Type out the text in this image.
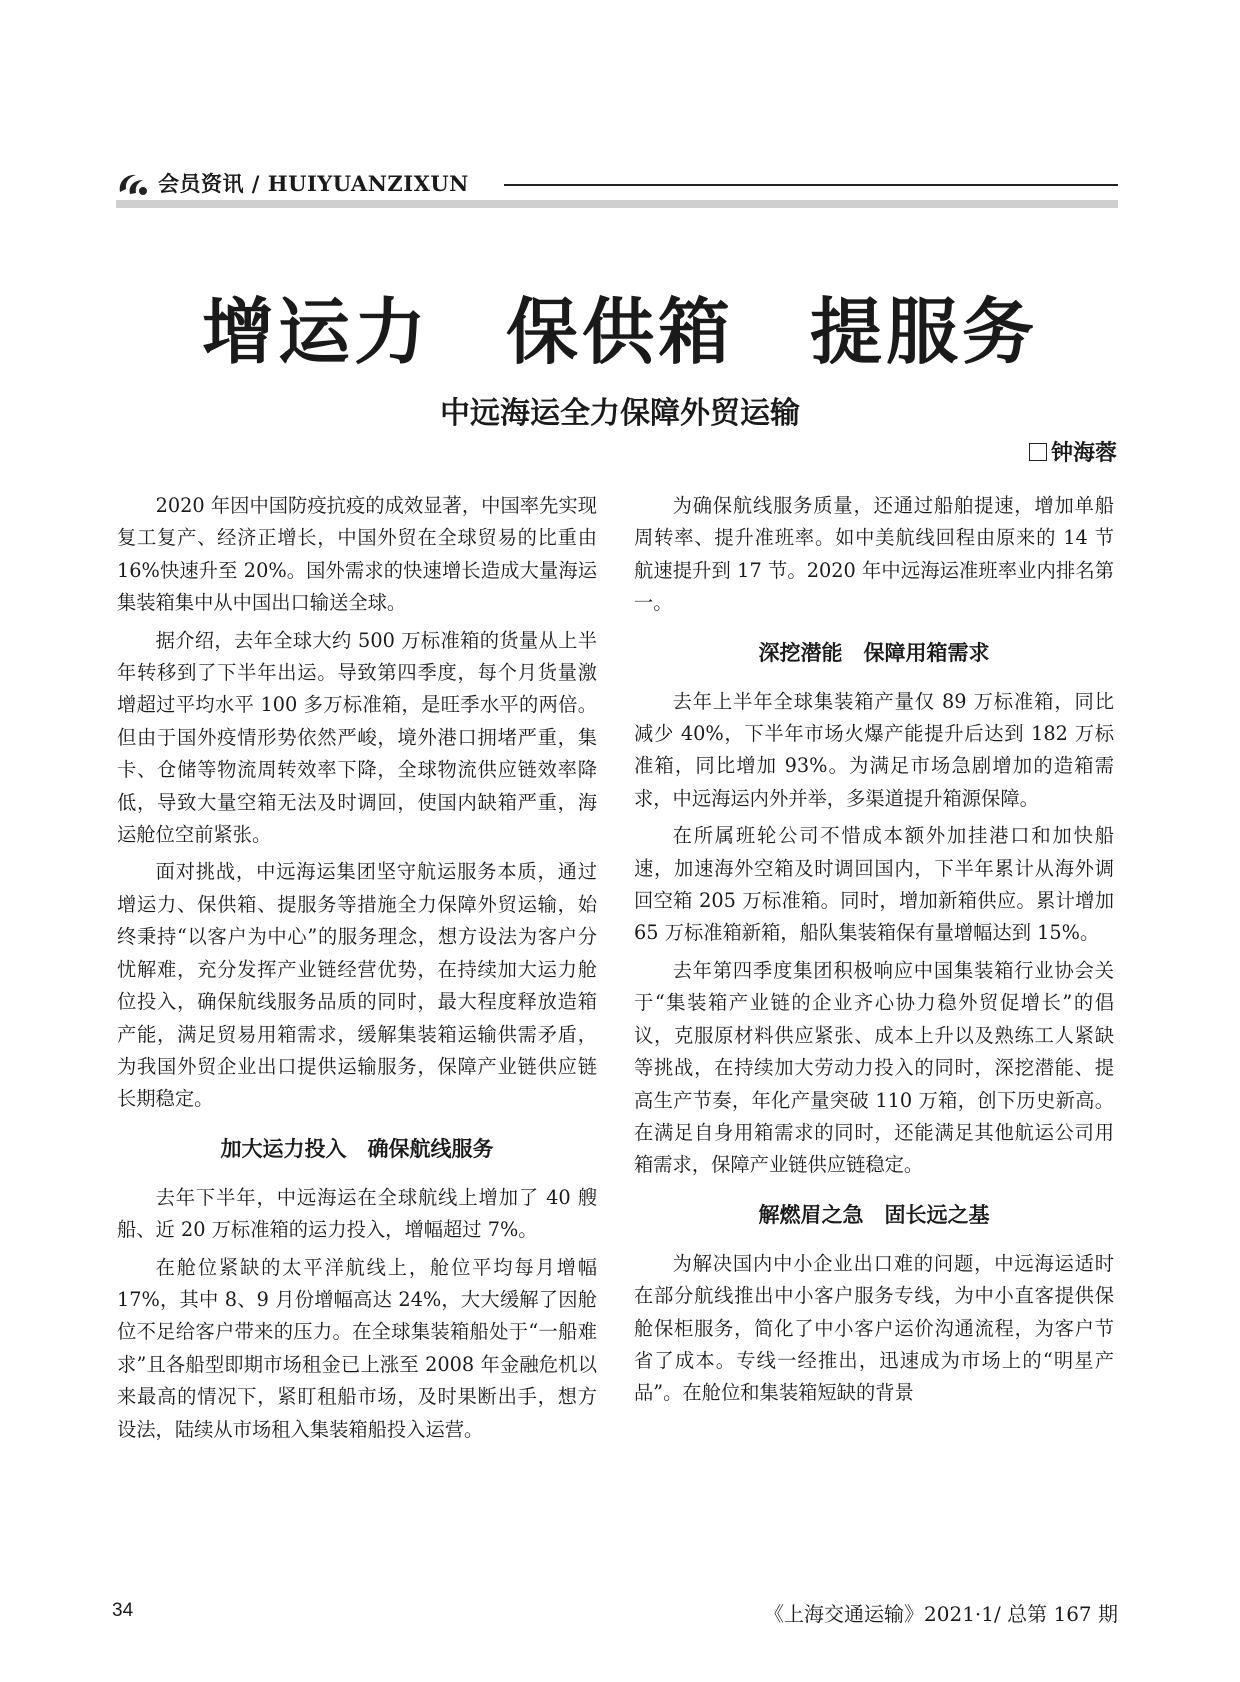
会员资讯 / HUIYUANZIXUN
增运力　保供箱　提服务
中远海运全力保障外贸运输
钟海蓉

2020 年因中国防疫抗疫的成效显著，中国率先实现复工复产、经济正增长，中国外贸在全球贸易的比重由 16%快速升至 20%。国外需求的快速增长造成大量海运集装箱集中从中国出口输送全球。

据介绍，去年全球大约 500 万标准箱的货量从上半年转移到了下半年出运。导致第四季度，每个月货量激增超过平均水平 100 多万标准箱，是旺季水平的两倍。但由于国外疫情形势依然严峻，境外港口拥堵严重，集卡、仓储等物流周转效率下降，全球物流供应链效率降低，导致大量空箱无法及时调回，使国内缺箱严重，海运舱位空前紧张。

面对挑战，中远海运集团坚守航运服务本质，通过增运力、保供箱、提服务等措施全力保障外贸运输，始终秉持“以客户为中心”的服务理念，想方设法为客户分忧解难，充分发挥产业链经营优势，在持续加大运力舱位投入，确保航线服务品质的同时，最大程度释放造箱产能，满足贸易用箱需求，缓解集装箱运输供需矛盾，为我国外贸企业出口提供运输服务，保障产业链供应链长期稳定。

加大运力投入　确保航线服务

去年下半年，中远海运在全球航线上增加了 40 艘船、近 20 万标准箱的运力投入，增幅超过 7%。

在舱位紧缺的太平洋航线上，舱位平均每月增幅 17%，其中 8、9 月份增幅高达 24%，大大缓解了因舱位不足给客户带来的压力。在全球集装箱船处于“一船难求”且各船型即期市场租金已上涨至 2008 年金融危机以来最高的情况下，紧盯租船市场，及时果断出手，想方设法，陆续从市场租入集装箱船投入运营。

为确保航线服务质量，还通过船舶提速，增加单船周转率、提升准班率。如中美航线回程由原来的 14 节航速提升到 17 节。2020 年中远海运准班率业内排名第一。

深挖潜能　保障用箱需求

去年上半年全球集装箱产量仅 89 万标准箱，同比减少 40%，下半年市场火爆产能提升后达到 182 万标准箱，同比增加 93%。为满足市场急剧增加的造箱需求，中远海运内外并举，多渠道提升箱源保障。

在所属班轮公司不惜成本额外加挂港口和加快船速，加速海外空箱及时调回国内，下半年累计从海外调回空箱 205 万标准箱。同时，增加新箱供应。累计增加 65 万标准箱新箱，船队集装箱保有量增幅达到 15%。

去年第四季度集团积极响应中国集装箱行业协会关于“集装箱产业链的企业齐心协力稳外贸促增长”的倡议，克服原材料供应紧张、成本上升以及熟练工人紧缺等挑战，在持续加大劳动力投入的同时，深挖潜能、提高生产节奏，年化产量突破 110 万箱，创下历史新高。在满足自身用箱需求的同时，还能满足其他航运公司用箱需求，保障产业链供应链稳定。

解燃眉之急　固长远之基

为解决国内中小企业出口难的问题，中远海运适时在部分航线推出中小客户服务专线，为中小直客提供保舱保柜服务，简化了中小客户运价沟通流程，为客户节省了成本。专线一经推出，迅速成为市场上的“明星产品”。在舱位和集装箱短缺的背景

34	《上海交通运输》2021·1/ 总第 167 期
